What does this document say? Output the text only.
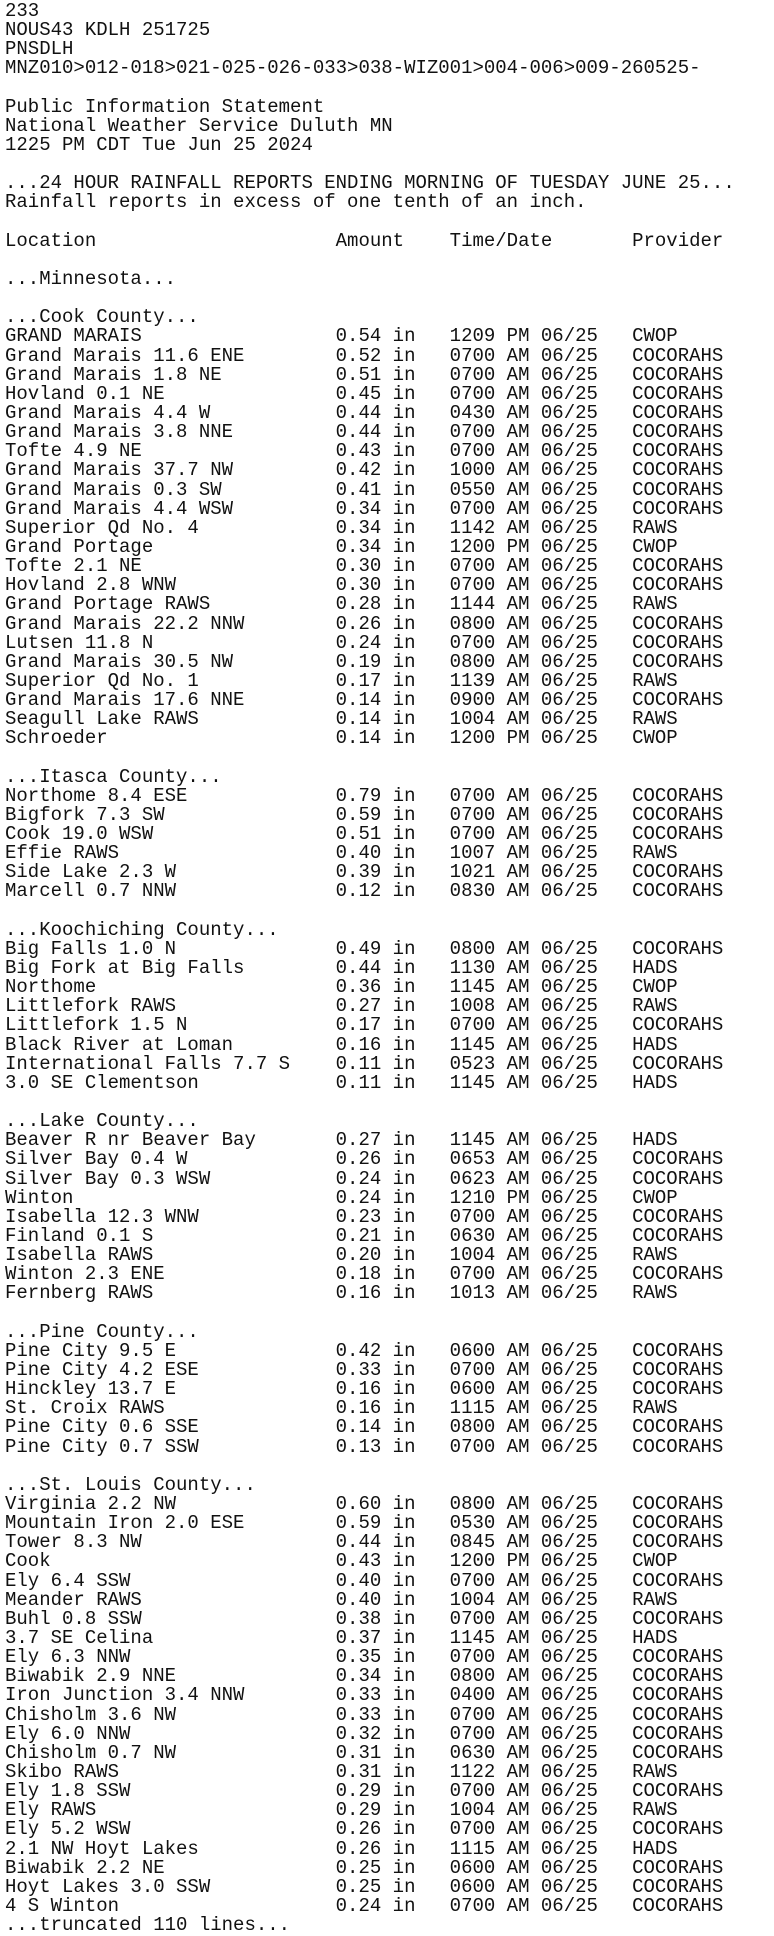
233
NOUS43 KDLH 251725
PNSDLH
MNZ010>012-018>021-025-026-033>038-WIZ001>004-006>009-260525-
Public Information Statement
National Weather Service Duluth MN
1225 PM CDT Tue Jun 25 2024
...24 HOUR RAINFALL REPORTS ENDING MORNING OF TUESDAY JUNE 25...
Rainfall reports in excess of one tenth of an inch.
Location                     Amount    Time/Date       Provider
...Minnesota...
...Cook County...
GRAND MARAIS                 0.54 in   1209 PM 06/25   CWOP
Grand Marais 11.6 ENE        0.52 in   0700 AM 06/25   COCORAHS
Grand Marais 1.8 NE          0.51 in   0700 AM 06/25   COCORAHS
Hovland 0.1 NE               0.45 in   0700 AM 06/25   COCORAHS
Grand Marais 4.4 W           0.44 in   0430 AM 06/25   COCORAHS
Grand Marais 3.8 NNE         0.44 in   0700 AM 06/25   COCORAHS
Tofte 4.9 NE                 0.43 in   0700 AM 06/25   COCORAHS
Grand Marais 37.7 NW         0.42 in   1000 AM 06/25   COCORAHS
Grand Marais 0.3 SW          0.41 in   0550 AM 06/25   COCORAHS
Grand Marais 4.4 WSW         0.34 in   0700 AM 06/25   COCORAHS
Superior Qd No. 4            0.34 in   1142 AM 06/25   RAWS
Grand Portage                0.34 in   1200 PM 06/25   CWOP
Tofte 2.1 NE                 0.30 in   0700 AM 06/25   COCORAHS
Hovland 2.8 WNW              0.30 in   0700 AM 06/25   COCORAHS
Grand Portage RAWS           0.28 in   1144 AM 06/25   RAWS
Grand Marais 22.2 NNW        0.26 in   0800 AM 06/25   COCORAHS
Lutsen 11.8 N                0.24 in   0700 AM 06/25   COCORAHS
Grand Marais 30.5 NW         0.19 in   0800 AM 06/25   COCORAHS
Superior Qd No. 1            0.17 in   1139 AM 06/25   RAWS
Grand Marais 17.6 NNE        0.14 in   0900 AM 06/25   COCORAHS
Seagull Lake RAWS            0.14 in   1004 AM 06/25   RAWS
Schroeder                    0.14 in   1200 PM 06/25   CWOP
...Itasca County...
Northome 8.4 ESE             0.79 in   0700 AM 06/25   COCORAHS
Bigfork 7.3 SW               0.59 in   0700 AM 06/25   COCORAHS
Cook 19.0 WSW                0.51 in   0700 AM 06/25   COCORAHS
Effie RAWS                   0.40 in   1007 AM 06/25   RAWS
Side Lake 2.3 W              0.39 in   1021 AM 06/25   COCORAHS
Marcell 0.7 NNW              0.12 in   0830 AM 06/25   COCORAHS
...Koochiching County...
Big Falls 1.0 N              0.49 in   0800 AM 06/25   COCORAHS
Big Fork at Big Falls        0.44 in   1130 AM 06/25   HADS
Northome                     0.36 in   1145 AM 06/25   CWOP
Littlefork RAWS              0.27 in   1008 AM 06/25   RAWS
Littlefork 1.5 N             0.17 in   0700 AM 06/25   COCORAHS
Black River at Loman         0.16 in   1145 AM 06/25   HADS
International Falls 7.7 S    0.11 in   0523 AM 06/25   COCORAHS
3.0 SE Clementson            0.11 in   1145 AM 06/25   HADS
...Lake County...
Beaver R nr Beaver Bay       0.27 in   1145 AM 06/25   HADS
Silver Bay 0.4 W             0.26 in   0653 AM 06/25   COCORAHS
Silver Bay 0.3 WSW           0.24 in   0623 AM 06/25   COCORAHS
Winton                       0.24 in   1210 PM 06/25   CWOP
Isabella 12.3 WNW            0.23 in   0700 AM 06/25   COCORAHS
Finland 0.1 S                0.21 in   0630 AM 06/25   COCORAHS
Isabella RAWS                0.20 in   1004 AM 06/25   RAWS
Winton 2.3 ENE               0.18 in   0700 AM 06/25   COCORAHS
Fernberg RAWS                0.16 in   1013 AM 06/25   RAWS
...Pine County...
Pine City 9.5 E              0.42 in   0600 AM 06/25   COCORAHS
Pine City 4.2 ESE            0.33 in   0700 AM 06/25   COCORAHS
Hinckley 13.7 E              0.16 in   0600 AM 06/25   COCORAHS
St. Croix RAWS               0.16 in   1115 AM 06/25   RAWS
Pine City 0.6 SSE            0.14 in   0800 AM 06/25   COCORAHS
Pine City 0.7 SSW            0.13 in   0700 AM 06/25   COCORAHS
...St. Louis County...
Virginia 2.2 NW              0.60 in   0800 AM 06/25   COCORAHS
Mountain Iron 2.0 ESE        0.59 in   0530 AM 06/25   COCORAHS
Tower 8.3 NW                 0.44 in   0845 AM 06/25   COCORAHS
Cook                         0.43 in   1200 PM 06/25   CWOP
Ely 6.4 SSW                  0.40 in   0700 AM 06/25   COCORAHS
Meander RAWS                 0.40 in   1004 AM 06/25   RAWS
Buhl 0.8 SSW                 0.38 in   0700 AM 06/25   COCORAHS
3.7 SE Celina                0.37 in   1145 AM 06/25   HADS
Ely 6.3 NNW                  0.35 in   0700 AM 06/25   COCORAHS
Biwabik 2.9 NNE              0.34 in   0800 AM 06/25   COCORAHS
Iron Junction 3.4 NNW        0.33 in   0400 AM 06/25   COCORAHS
Chisholm 3.6 NW              0.33 in   0700 AM 06/25   COCORAHS
Ely 6.0 NNW                  0.32 in   0700 AM 06/25   COCORAHS
Chisholm 0.7 NW              0.31 in   0630 AM 06/25   COCORAHS
Skibo RAWS                   0.31 in   1122 AM 06/25   RAWS
Ely 1.8 SSW                  0.29 in   0700 AM 06/25   COCORAHS
Ely RAWS                     0.29 in   1004 AM 06/25   RAWS
Ely 5.2 WSW                  0.26 in   0700 AM 06/25   COCORAHS
2.1 NW Hoyt Lakes            0.26 in   1115 AM 06/25   HADS
Biwabik 2.2 NE               0.25 in   0600 AM 06/25   COCORAHS
Hoyt Lakes 3.0 SSW           0.25 in   0600 AM 06/25   COCORAHS
4 S Winton                   0.24 in   0700 AM 06/25   COCORAHS
...truncated 110 lines...
